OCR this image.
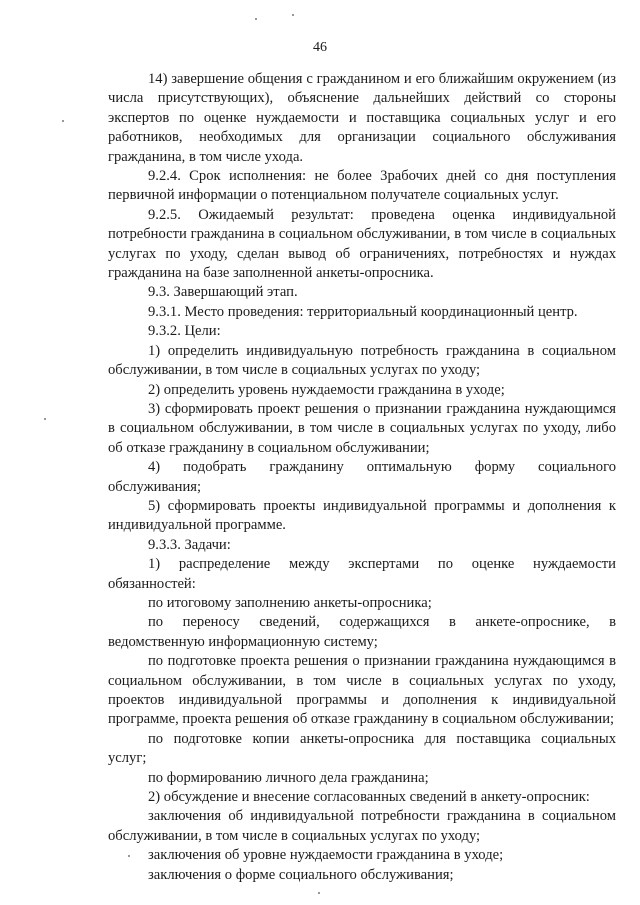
46

14) завершение общения с гражданином и его ближайшим окружением (из числа присутствующих), объяснение дальнейших действий со стороны экспертов по оценке нуждаемости и поставщика социальных услуг и его работников, необходимых для организации социального обслуживания гражданина, в том числе ухода.

9.2.4. Срок исполнения: не более 3рабочих дней со дня поступления первичной информации о потенциальном получателе социальных услуг.

9.2.5. Ожидаемый результат: проведена оценка индивидуальной потребности гражданина в социальном обслуживании, в том числе в социальных услугах по уходу, сделан вывод об ограничениях, потребностях и нуждах гражданина на базе заполненной анкеты-опросника.

9.3. Завершающий этап.

9.3.1. Место проведения: территориальный координационный центр.

9.3.2. Цели:

1) определить индивидуальную потребность гражданина в социальном обслуживании, в том числе в социальных услугах по уходу;

2) определить уровень нуждаемости гражданина в уходе;

3) сформировать проект решения о признании гражданина нуждающимся в социальном обслуживании, в том числе в социальных услугах по уходу, либо об отказе гражданину в социальном обслуживании;

4) подобрать гражданину оптимальную форму социального обслуживания;

5) сформировать проекты индивидуальной программы и дополнения к индивидуальной программе.

9.3.3. Задачи:

1) распределение между экспертами по оценке нуждаемости обязанностей:

по итоговому заполнению анкеты-опросника;

по переносу сведений, содержащихся в анкете-опроснике, в ведомственную информационную систему;

по подготовке проекта решения о признании гражданина нуждающимся в социальном обслуживании, в том числе в социальных услугах по уходу, проектов индивидуальной программы и дополнения к индивидуальной программе, проекта решения об отказе гражданину в социальном обслуживании;

по подготовке копии анкеты-опросника для поставщика социальных услуг;

по формированию личного дела гражданина;

2) обсуждение и внесение согласованных сведений в анкету-опросник:

заключения об индивидуальной потребности гражданина в социальном обслуживании, в том числе в социальных услугах по уходу;

заключения об уровне нуждаемости гражданина в уходе;

заключения о форме социального обслуживания;
